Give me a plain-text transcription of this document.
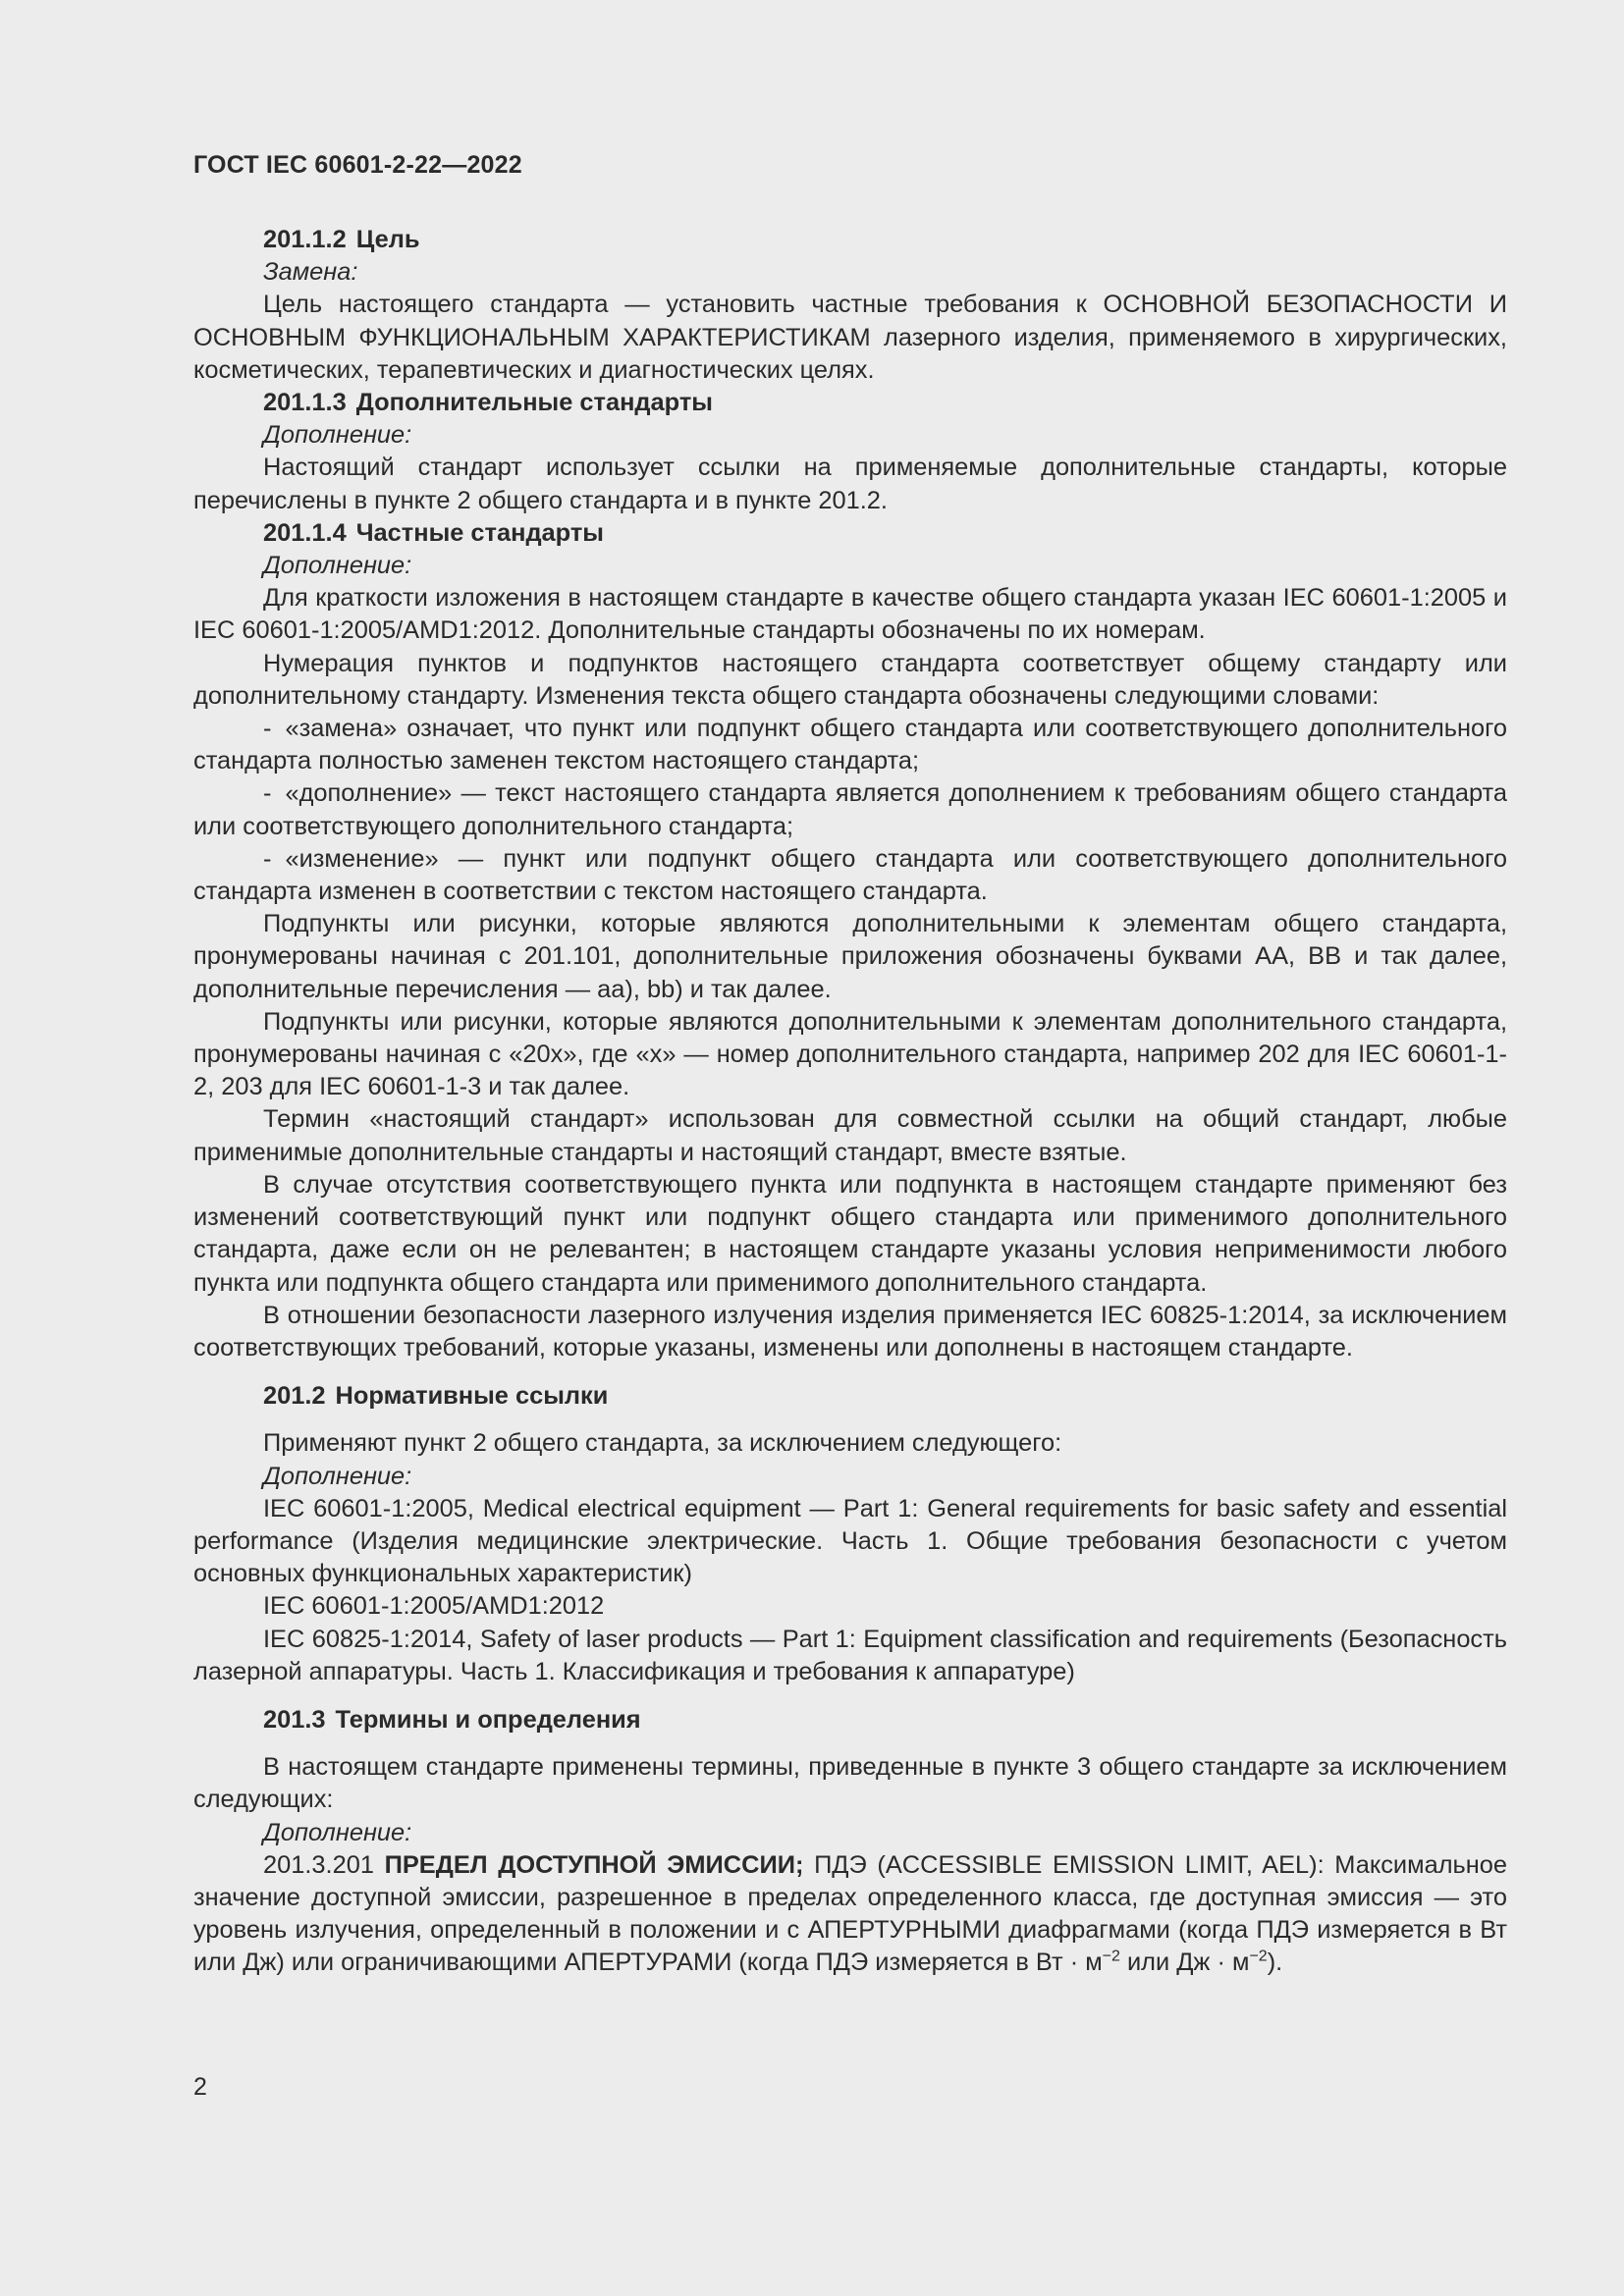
ГОСТ IEC 60601-2-22—2022
201.1.2 Цель
Замена:

Цель настоящего стандарта — установить частные требования к ОСНОВНОЙ БЕЗОПАСНОСТИ И ОСНОВНЫМ ФУНКЦИОНАЛЬНЫМ ХАРАКТЕРИСТИКАМ лазерного изделия, применяемого в хирургических, косметических, терапевтических и диагностических целях.

201.1.3 Дополнительные стандарты
Дополнение:

Настоящий стандарт использует ссылки на применяемые дополнительные стандарты, которые перечислены в пункте 2 общего стандарта и в пункте 201.2.

201.1.4 Частные стандарты
Дополнение:

Для краткости изложения в настоящем стандарте в качестве общего стандарта указан IEC 60601-1:2005 и IEC 60601-1:2005/AMD1:2012. Дополнительные стандарты обозначены по их номерам.

Нумерация пунктов и подпунктов настоящего стандарта соответствует общему стандарту или дополнительному стандарту. Изменения текста общего стандарта обозначены следующими словами:

- «замена» означает, что пункт или подпункт общего стандарта или соответствующего дополнительного стандарта полностью заменен текстом настоящего стандарта;

- «дополнение» — текст настоящего стандарта является дополнением к требованиям общего стандарта или соответствующего дополнительного стандарта;

- «изменение» — пункт или подпункт общего стандарта или соответствующего дополнительного стандарта изменен в соответствии с текстом настоящего стандарта.

Подпункты или рисунки, которые являются дополнительными к элементам общего стандарта, пронумерованы начиная с 201.101, дополнительные приложения обозначены буквами АА, ВВ и так далее, дополнительные перечисления — аа), bb) и так далее.

Подпункты или рисунки, которые являются дополнительными к элементам дополнительного стандарта, пронумерованы начиная с «20х», где «х» — номер дополнительного стандарта, например 202 для IEC 60601-1-2, 203 для IEC 60601-1-3 и так далее.

Термин «настоящий стандарт» использован для совместной ссылки на общий стандарт, любые применимые дополнительные стандарты и настоящий стандарт, вместе взятые.

В случае отсутствия соответствующего пункта или подпункта в настоящем стандарте применяют без изменений соответствующий пункт или подпункт общего стандарта или применимого дополнительного стандарта, даже если он не релевантен; в настоящем стандарте указаны условия неприменимости любого пункта или подпункта общего стандарта или применимого дополнительного стандарта.

В отношении безопасности лазерного излучения изделия применяется IEC 60825-1:2014, за исключением соответствующих требований, которые указаны, изменены или дополнены в настоящем стандарте.

201.2 Нормативные ссылки

Применяют пункт 2 общего стандарта, за исключением следующего:

Дополнение:

IEC 60601-1:2005, Medical electrical equipment — Part 1: General requirements for basic safety and essential performance (Изделия медицинские электрические. Часть 1. Общие требования безопасности с учетом основных функциональных характеристик)

IEC 60601-1:2005/AMD1:2012

IEC 60825-1:2014, Safety of laser products — Part 1: Equipment classification and requirements (Безопасность лазерной аппаратуры. Часть 1. Классификация и требования к аппаратуре)

201.3 Термины и определения

В настоящем стандарте применены термины, приведенные в пункте 3 общего стандарте за исключением следующих:

Дополнение:

201.3.201 ПРЕДЕЛ ДОСТУПНОЙ ЭМИССИИ; ПДЭ (ACCESSIBLE EMISSION LIMIT, AEL): Максимальное значение доступной эмиссии, разрешенное в пределах определенного класса, где доступная эмиссия — это уровень излучения, определенный в положении и с АПЕРТУРНЫМИ диафрагмами (когда ПДЭ измеряется в Вт или Дж) или ограничивающими АПЕРТУРАМИ (когда ПДЭ измеряется в Вт · $м^{-2}$ или Дж · $м^{-2}$).

2
